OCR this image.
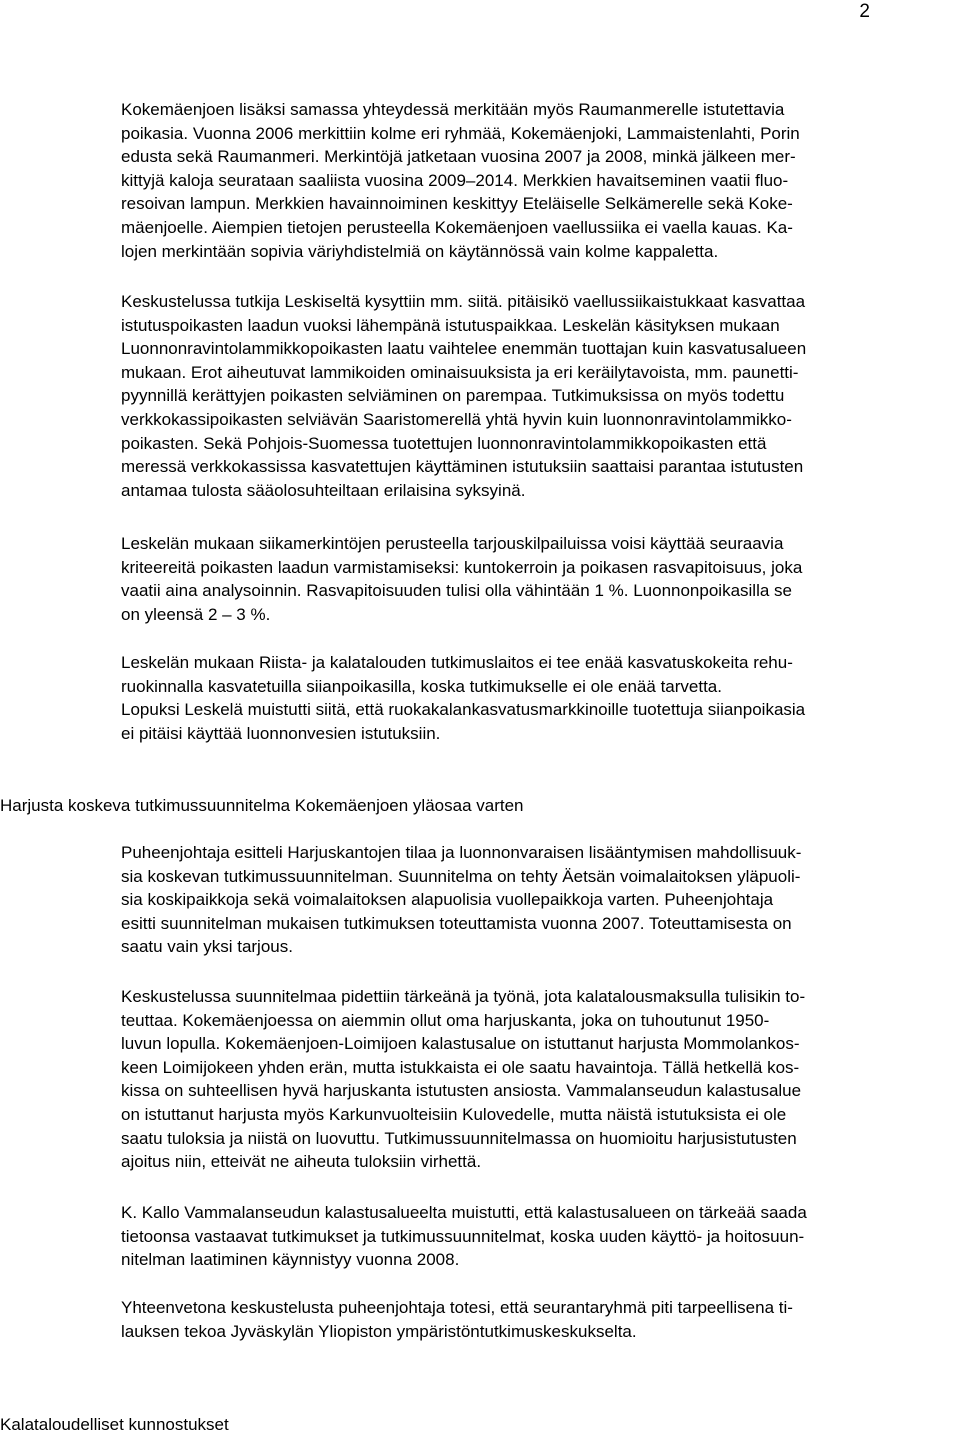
2
Kokemäenjoen lisäksi samassa yhteydessä merkitään myös Raumanmerelle istutettavia
poikasia. Vuonna 2006 merkittiin kolme eri ryhmää, Kokemäenjoki, Lammaistenlahti, Porin
edusta sekä Raumanmeri. Merkintöjä jatketaan vuosina 2007 ja 2008, minkä jälkeen mer-
kittyjä kaloja seurataan saaliista vuosina 2009–2014. Merkkien havaitseminen vaatii fluo-
resoivan lampun. Merkkien havainnoiminen keskittyy Eteläiselle Selkämerelle sekä Koke-
mäenjoelle. Aiempien tietojen perusteella Kokemäenjoen vaellussiika ei vaella kauas. Ka-
lojen merkintään sopivia väriyhdistelmiä on käytännössä vain kolme kappaletta.
Keskustelussa tutkija Leskiseltä kysyttiin mm. siitä. pitäisikö vaellussiikaistukkaat kasvattaa
istutuspoikasten laadun vuoksi lähempänä istutuspaikkaa. Leskelän käsityksen mukaan
Luonnonravintolammikkopoikasten laatu vaihtelee enemmän tuottajan kuin kasvatusalueen
mukaan. Erot aiheutuvat lammikoiden ominaisuuksista ja eri keräilytavoista, mm. paunetti-
pyynnillä kerättyjen poikasten selviäminen on parempaa. Tutkimuksissa on myös todettu
verkkokassipoikasten selviävän Saaristomerellä yhtä hyvin kuin luonnonravintolammikko-
poikasten. Sekä Pohjois-Suomessa tuotettujen luonnonravintolammikkopoikasten että
meressä verkkokassissa kasvatettujen käyttäminen istutuksiin saattaisi parantaa istutusten
antamaa tulosta sääolosuhteiltaan erilaisina syksyinä.
Leskelän mukaan siikamerkintöjen perusteella tarjouskilpailuissa voisi käyttää seuraavia
kriteereitä poikasten laadun varmistamiseksi: kuntokerroin ja poikasen rasvapitoisuus, joka
vaatii aina analysoinnin. Rasvapitoisuuden tulisi olla vähintään 1 %. Luonnonpoikasilla se
on yleensä 2 – 3 %.
Leskelän mukaan Riista- ja kalatalouden tutkimuslaitos ei tee enää kasvatuskokeita rehu-
ruokinnalla kasvatetuilla siianpoikasilla, koska tutkimukselle ei ole enää tarvetta.
Lopuksi Leskelä muistutti siitä, että ruokakalankasvatusmarkkinoille tuotettuja siianpoikasia
ei pitäisi käyttää luonnonvesien istutuksiin.
Harjusta koskeva tutkimussuunnitelma Kokemäenjoen yläosaa varten
Puheenjohtaja esitteli Harjuskantojen tilaa ja luonnonvaraisen lisääntymisen mahdollisuuk-
sia koskevan tutkimussuunnitelman. Suunnitelma on tehty Äetsän voimalaitoksen yläpuoli-
sia koskipaikkoja sekä voimalaitoksen alapuolisia vuollepaikkoja varten. Puheenjohtaja
esitti suunnitelman mukaisen tutkimuksen toteuttamista vuonna 2007. Toteuttamisesta on
saatu vain yksi tarjous.
Keskustelussa suunnitelmaa pidettiin tärkeänä ja työnä, jota kalatalousmaksulla tulisikin to-
teuttaa. Kokemäenjoessa on aiemmin ollut oma harjuskanta, joka on tuhoutunut 1950-
luvun lopulla. Kokemäenjoen-Loimijoen kalastusalue on istuttanut harjusta Mommolankos-
keen Loimijokeen yhden erän, mutta istukkaista ei ole saatu havaintoja. Tällä hetkellä kos-
kissa on suhteellisen hyvä harjuskanta istutusten ansiosta. Vammalanseudun kalastusalue
on istuttanut harjusta myös Karkunvuolteisiin Kulovedelle, mutta näistä istutuksista ei ole
saatu tuloksia ja niistä on luovuttu. Tutkimussuunnitelmassa on huomioitu harjusistutusten
ajoitus niin, etteivät ne aiheuta tuloksiin virhettä.
K. Kallo Vammalanseudun kalastusalueelta muistutti, että kalastusalueen on tärkeää saada
tietoonsa vastaavat tutkimukset ja tutkimussuunnitelmat, koska uuden käyttö- ja hoitosuun-
nitelman laatiminen käynnistyy vuonna 2008.
Yhteenvetona keskustelusta puheenjohtaja totesi, että seurantaryhmä piti tarpeellisena ti-
lauksen tekoa Jyväskylän Yliopiston ympäristöntutkimuskeskukselta.
Kalataloudelliset kunnostukset
